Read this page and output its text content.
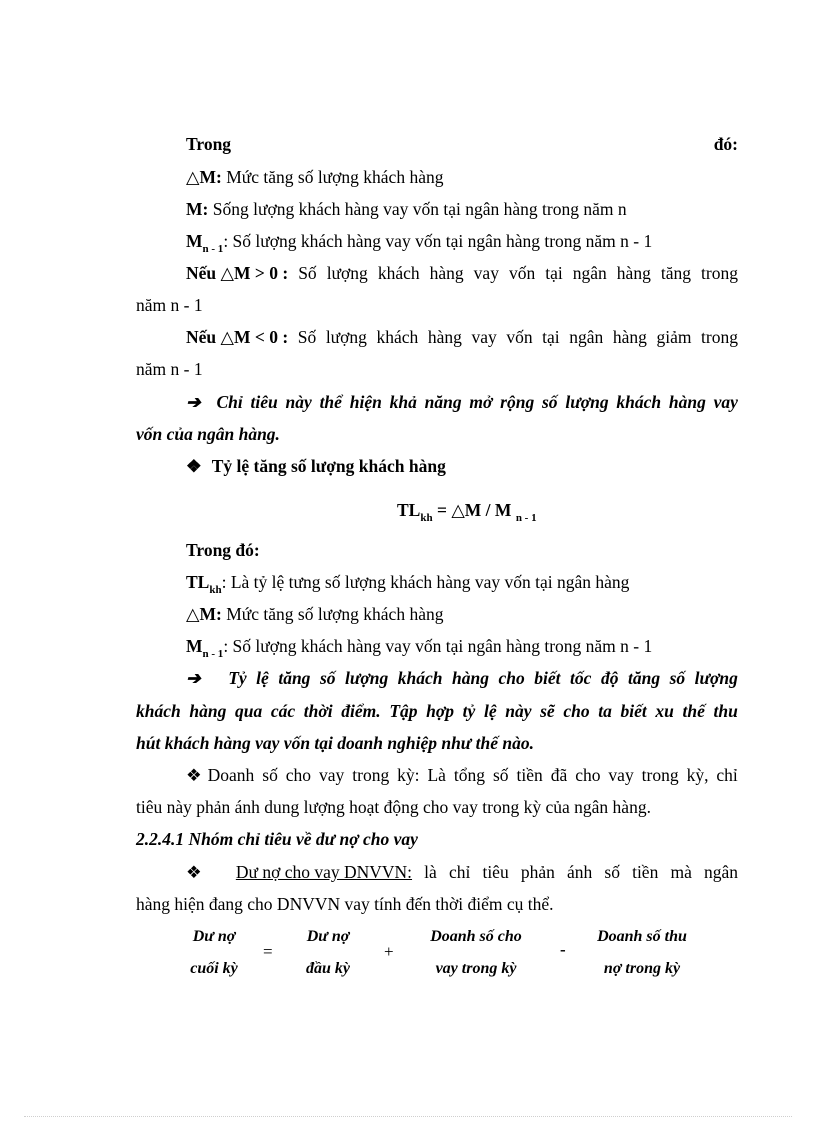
Trong	đó:
△M: Mức tăng số lượng khách hàng
M: Sống lượng khách hàng vay vốn tại ngân hàng trong năm n
$M_{n - 1}$: Số lượng khách hàng vay vốn tại ngân hàng trong năm n - 1
Nếu △M > 0 : Số lượng khách hàng vay vốn tại ngân hàng tăng trong
năm n - 1
Nếu △M < 0 : Số lượng khách hàng vay vốn tại ngân hàng giảm trong
năm n - 1
➔ Chỉ tiêu này thể hiện khả năng mở rộng số lượng khách hàng vay
vốn của ngân hàng.
❖ Tỷ lệ tăng số lượng khách hàng
$TL_{kh}$ = △M / M $_{n - 1}$
Trong đó:
$TL_{kh}$: Là tỷ lệ tưng số lượng khách hàng vay vốn tại ngân hàng
△M: Mức tăng số lượng khách hàng
$M_{n - 1}$: Số lượng khách hàng vay vốn tại ngân hàng trong năm n - 1
➔ Tỷ lệ tăng số lượng khách hàng cho biết tốc độ tăng số lượng
khách hàng qua các thời điểm. Tập hợp tỷ lệ này sẽ cho ta biết xu thế thu
hút khách hàng vay vốn tại doanh nghiệp như thế nào.
❖ Doanh số cho vay trong kỳ: Là tổng số tiền đã cho vay trong kỳ, chỉ
tiêu này phản ánh dung lượng hoạt động cho vay trong kỳ của ngân hàng.
2.2.4.1 Nhóm chỉ tiêu về dư nợ cho vay
❖ Dư nợ cho vay DNVVN: là chỉ tiêu phản ánh số tiền mà ngân
hàng hiện đang cho DNVVN vay tính đến thời điểm cụ thể.
Dư nợ
cuối kỳ
=
Dư nợ
đầu kỳ
+
Doanh số cho
vay trong kỳ
-
Doanh số thu
nợ trong kỳ
